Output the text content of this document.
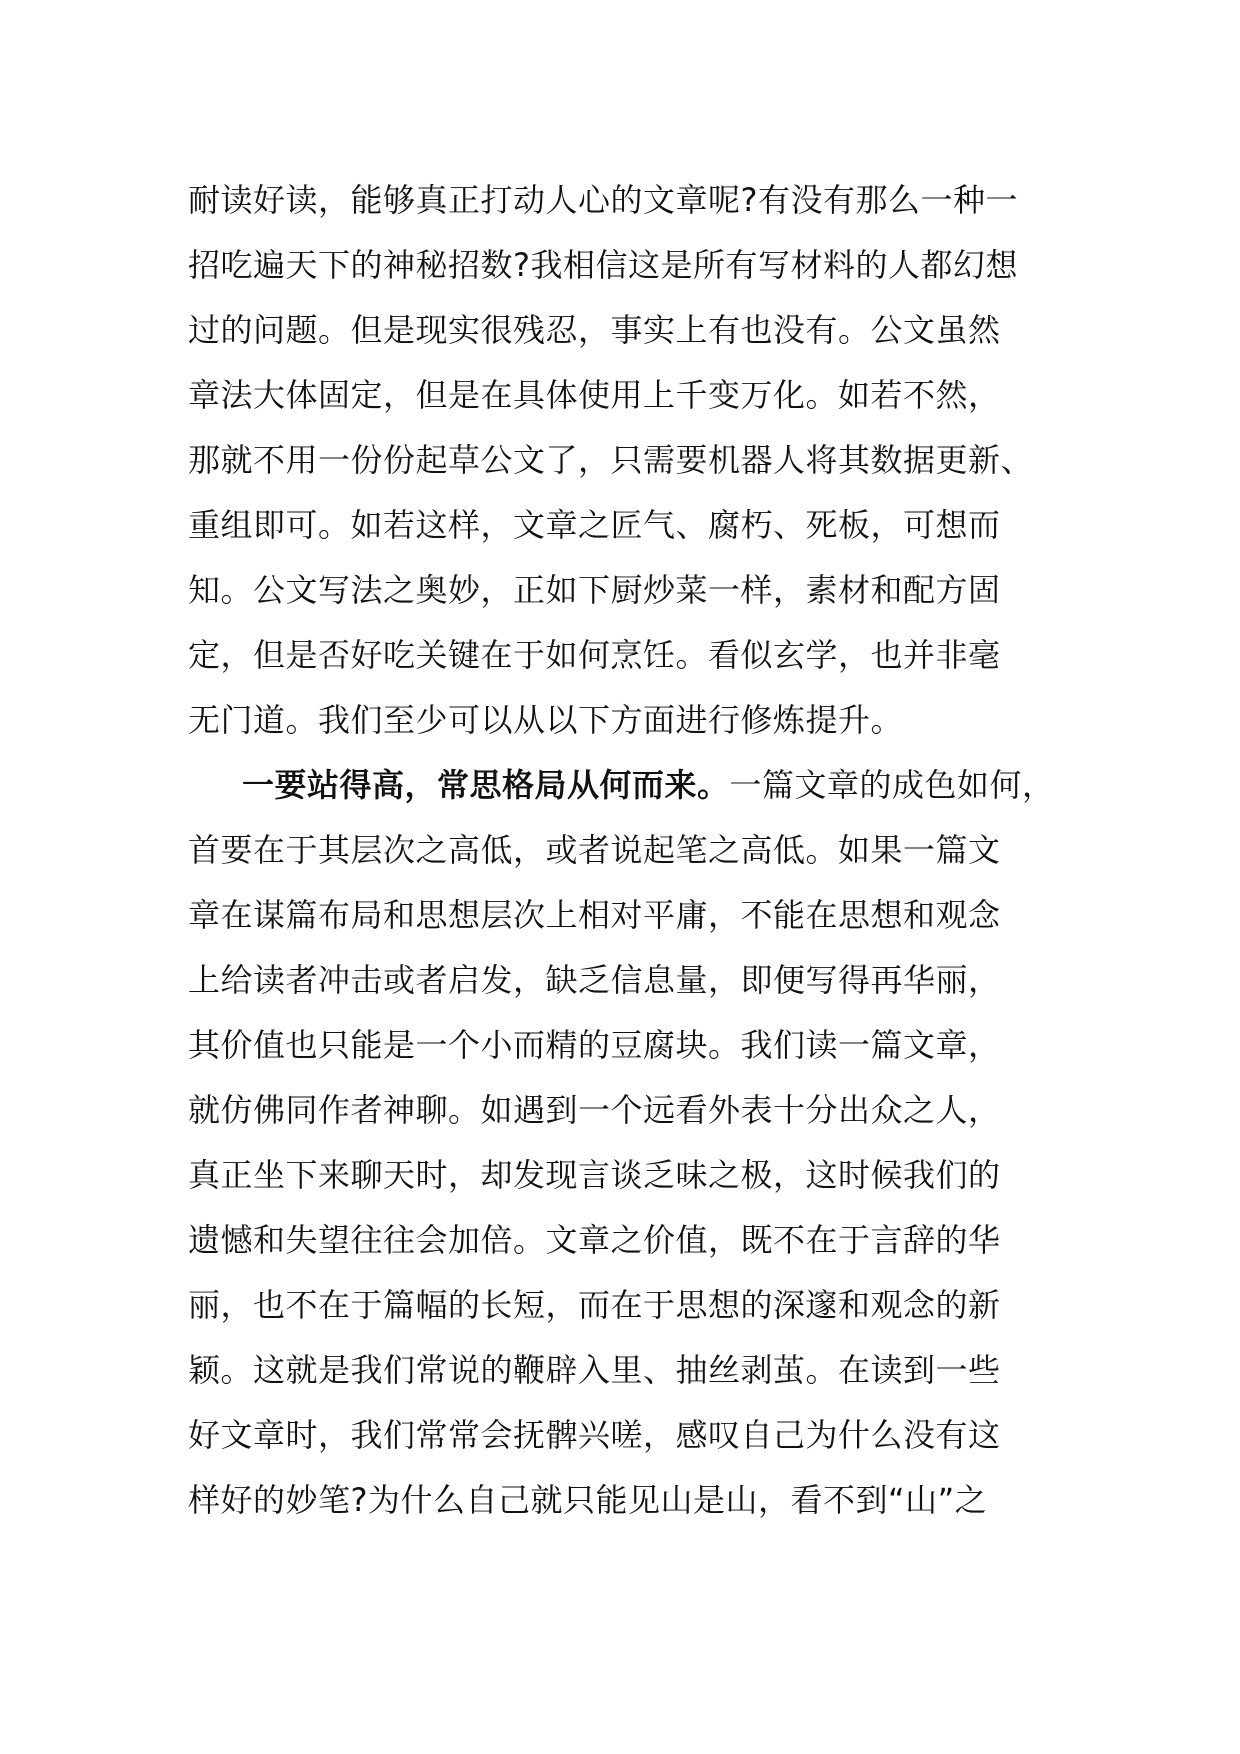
耐读好读，能够真正打动人心的文章呢?有没有那么一种一
招吃遍天下的神秘招数?我相信这是所有写材料的人都幻想
过的问题。但是现实很残忍，事实上有也没有。公文虽然
章法大体固定，但是在具体使用上千变万化。如若不然，
那就不用一份份起草公文了，只需要机器人将其数据更新、
重组即可。如若这样，文章之匠气、腐朽、死板，可想而
知。公文写法之奥妙，正如下厨炒菜一样，素材和配方固
定，但是否好吃关键在于如何烹饪。看似玄学，也并非毫
无门道。我们至少可以从以下方面进行修炼提升。
一要站得高，常思格局从何而来。一篇文章的成色如何，
首要在于其层次之高低，或者说起笔之高低。如果一篇文
章在谋篇布局和思想层次上相对平庸，不能在思想和观念
上给读者冲击或者启发，缺乏信息量，即便写得再华丽，
其价值也只能是一个小而精的豆腐块。我们读一篇文章，
就仿佛同作者神聊。如遇到一个远看外表十分出众之人，
真正坐下来聊天时，却发现言谈乏味之极，这时候我们的
遗憾和失望往往会加倍。文章之价值，既不在于言辞的华
丽，也不在于篇幅的长短，而在于思想的深邃和观念的新
颖。这就是我们常说的鞭辟入里、抽丝剥茧。在读到一些
好文章时，我们常常会抚髀兴嗟，感叹自己为什么没有这
样好的妙笔?为什么自己就只能见山是山，看不到“山”之
